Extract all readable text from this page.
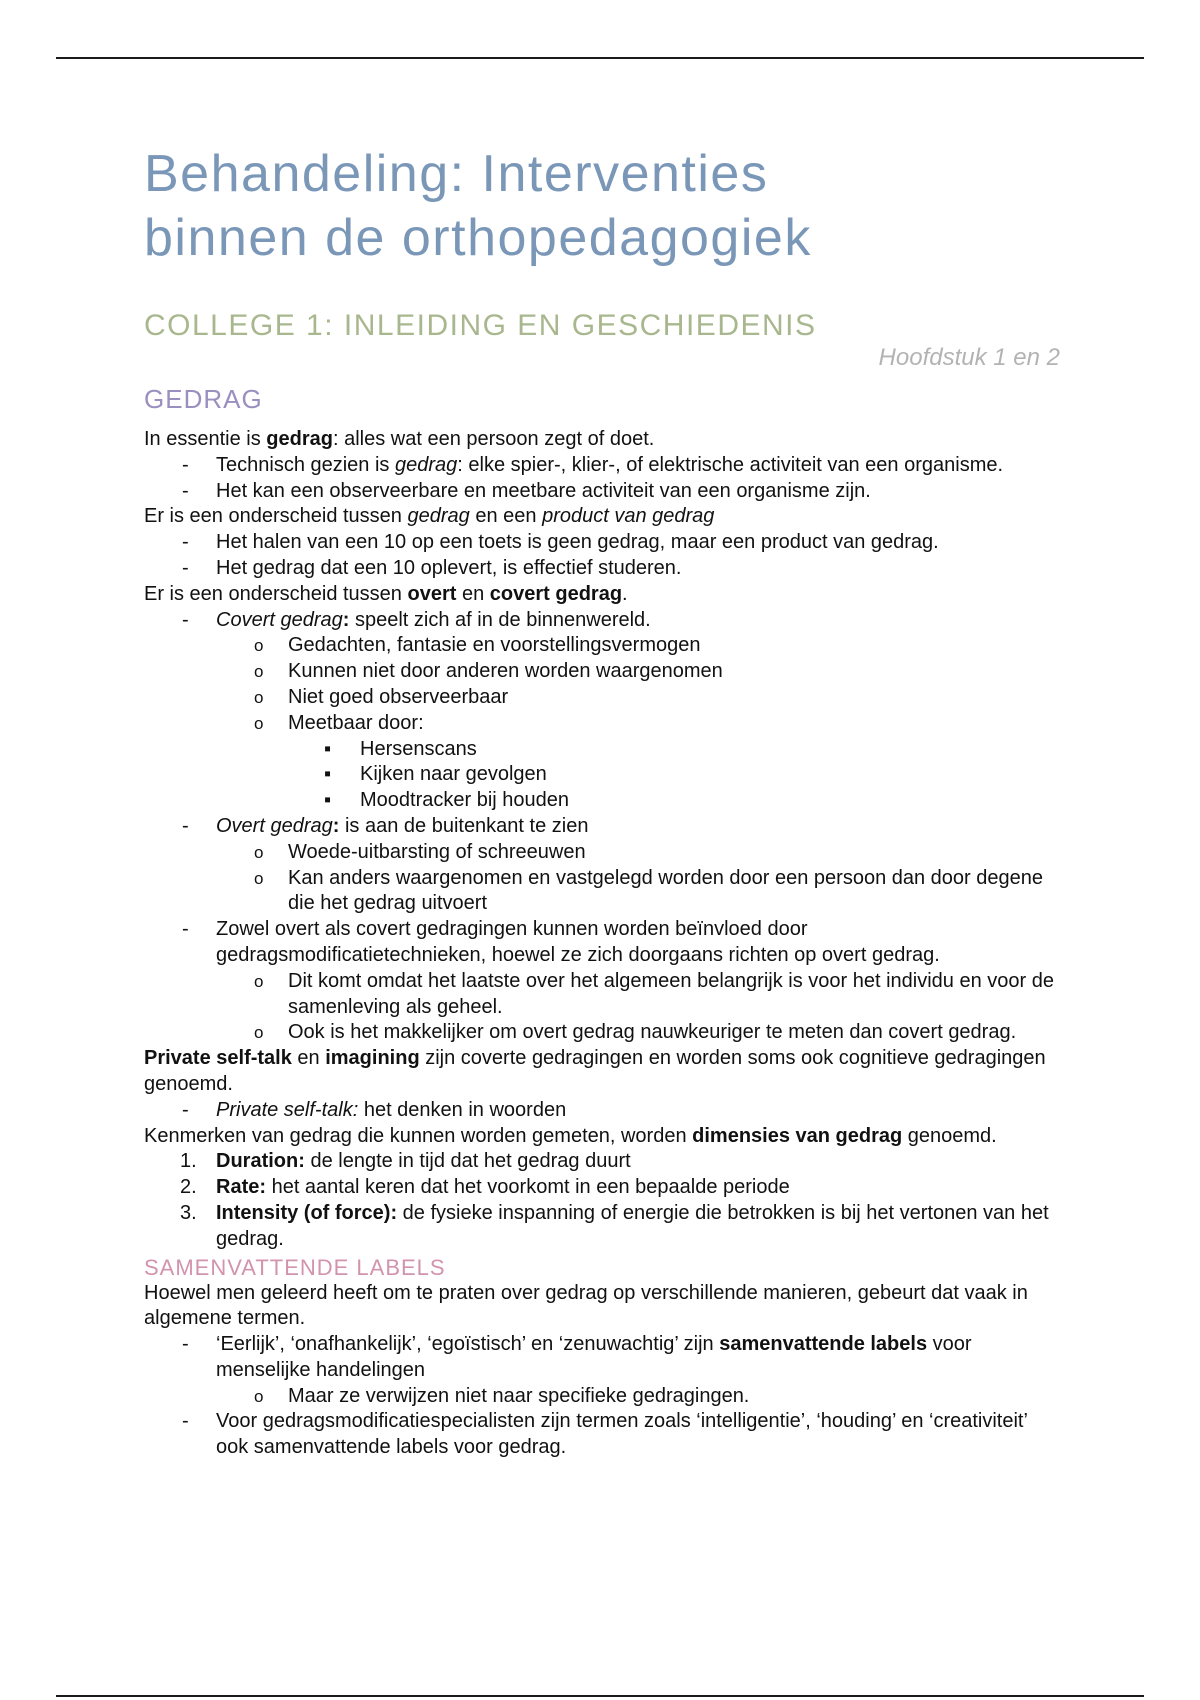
Behandeling: Interventies
binnen de orthopedagogiek
COLLEGE 1: INLEIDING EN GESCHIEDENIS
Hoofdstuk 1 en 2
GEDRAG

In essentie is gedrag: alles wat een persoon zegt of doet.

- Technisch gezien is gedrag: elke spier-, klier-, of elektrische activiteit van een organisme.
- Het kan een observeerbare en meetbare activiteit van een organisme zijn.

Er is een onderscheid tussen gedrag en een product van gedrag

- Het halen van een 10 op een toets is geen gedrag, maar een product van gedrag.
- Het gedrag dat een 10 oplevert, is effectief studeren.

Er is een onderscheid tussen overt en covert gedrag.

- Covert gedrag: speelt zich af in de binnenwereld.
o Gedachten, fantasie en voorstellingsvermogen
o Kunnen niet door anderen worden waargenomen
o Niet goed observeerbaar
o Meetbaar door:
▪ Hersenscans
▪ Kijken naar gevolgen
▪ Moodtracker bij houden
- Overt gedrag: is aan de buitenkant te zien
o Woede-uitbarsting of schreeuwen
o Kan anders waargenomen en vastgelegd worden door een persoon dan door degene die het gedrag uitvoert
- Zowel overt als covert gedragingen kunnen worden beïnvloed door gedragsmodificatietechnieken, hoewel ze zich doorgaans richten op overt gedrag.
o Dit komt omdat het laatste over het algemeen belangrijk is voor het individu en voor de samenleving als geheel.
o Ook is het makkelijker om overt gedrag nauwkeuriger te meten dan covert gedrag.

Private self-talk en imagining zijn coverte gedragingen en worden soms ook cognitieve gedragingen genoemd.

- Private self-talk: het denken in woorden

Kenmerken van gedrag die kunnen worden gemeten, worden dimensies van gedrag genoemd.

1. Duration: de lengte in tijd dat het gedrag duurt
2. Rate: het aantal keren dat het voorkomt in een bepaalde periode
3. Intensity (of force): de fysieke inspanning of energie die betrokken is bij het vertonen van het gedrag.
SAMENVATTENDE LABELS

Hoewel men geleerd heeft om te praten over gedrag op verschillende manieren, gebeurt dat vaak in algemene termen.

- ‘Eerlijk’, ‘onafhankelijk’, ‘egoïstisch’ en ‘zenuwachtig’ zijn samenvattende labels voor menselijke handelingen
o Maar ze verwijzen niet naar specifieke gedragingen.
- Voor gedragsmodificatiespecialisten zijn termen zoals ‘intelligentie’, ‘houding’ en ‘creativiteit’ ook samenvattende labels voor gedrag.
